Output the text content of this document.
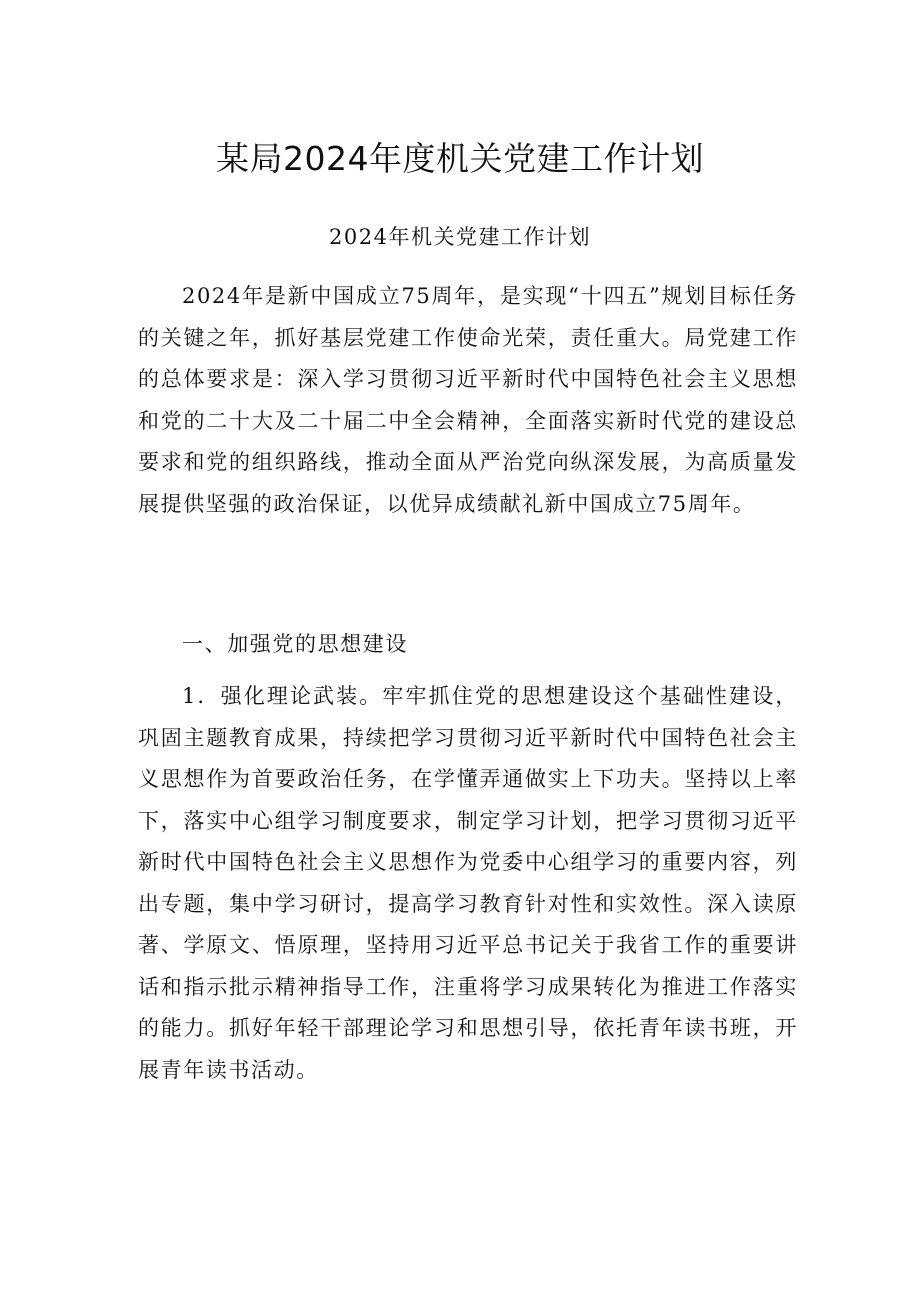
某局2024年度机关党建工作计划
2024年机关党建工作计划

2024年是新中国成立75周年，是实现“十四五”规划目标任务的关键之年，抓好基层党建工作使命光荣，责任重大。局党建工作的总体要求是：深入学习贯彻习近平新时代中国特色社会主义思想和党的二十大及二十届二中全会精神，全面落实新时代党的建设总要求和党的组织路线，推动全面从严治党向纵深发展，为高质量发展提供坚强的政治保证，以优异成绩献礼新中国成立75周年。

一、加强党的思想建设

1．强化理论武装。牢牢抓住党的思想建设这个基础性建设，巩固主题教育成果，持续把学习贯彻习近平新时代中国特色社会主义思想作为首要政治任务，在学懂弄通做实上下功夫。坚持以上率下，落实中心组学习制度要求，制定学习计划，把学习贯彻习近平新时代中国特色社会主义思想作为党委中心组学习的重要内容，列出专题，集中学习研讨，提高学习教育针对性和实效性。深入读原著、学原文、悟原理，坚持用习近平总书记关于我省工作的重要讲话和指示批示精神指导工作，注重将学习成果转化为推进工作落实的能力。抓好年轻干部理论学习和思想引导，依托青年读书班，开展青年读书活动。
